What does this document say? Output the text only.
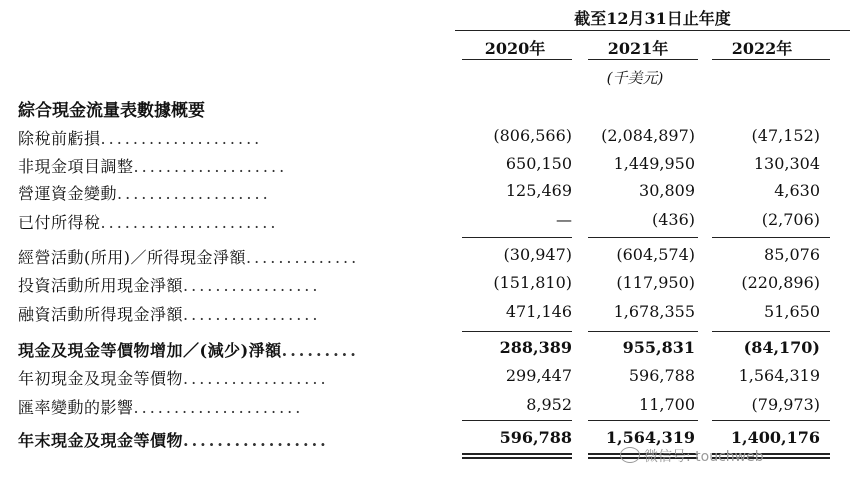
截至12月31日止年度
2020年	2021年	2022年
(千美元)
綜合現金流量表數據概要
除稅前虧損....................	(806,566)	(2,084,897)	(47,152)
非現金項目調整...................	650,150	1,449,950	130,304
營運資金變動...................	125,469	30,809	4,630
已付所得稅......................	—	(436)	(2,706)
經營活動(所用)／所得現金淨額..............	(30,947)	(604,574)	85,076
投資活動所用現金淨額.................	(151,810)	(117,950)	(220,896)
融資活動所得現金淨額.................	471,146	1,678,355	51,650
現金及現金等價物增加／(減少)淨額.........	288,389	955,831	(84,170)
年初現金及現金等價物..................	299,447	596,788	1,564,319
匯率變動的影響.....................	8,952	11,700	(79,973)
年末現金及現金等價物.................	596,788	1,564,319	1,400,176
微信号: touchweb
